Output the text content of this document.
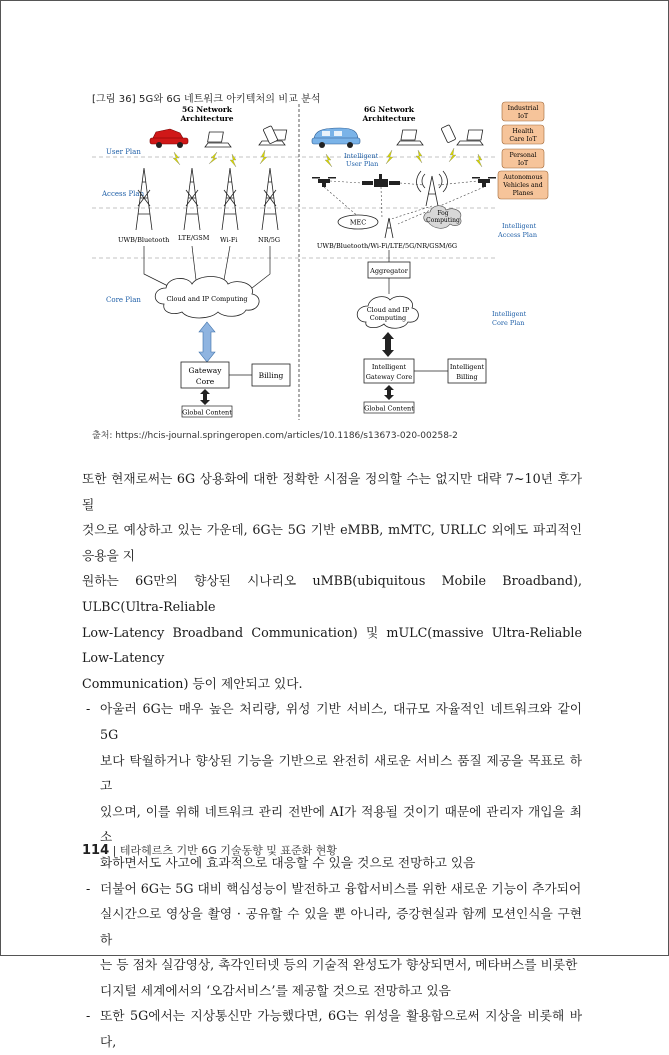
[그림 36] 5G와 6G 네트워크 아키텍처의 비교 분석
5G Network
Architecture
User Plan
Access Plan
Core Plan
UWB/Bluetooth LTE/GSM Wi-Fi	NR/5G
Cloud and IP Computing
Gateway
Core
Billing
Global Content
6G Network
Architecture
Intelligent
User Plan
MEC
Fog
Computing
UWB/Bluetooth/Wi-Fi/LTE/5G/NR/GSM/6G
Aggregator
Cloud and IP
Computing
Intelligent
Gateway Core
Intelligent
Billing
Global Content
Intelligent
Access Plan
Intelligent
Core Plan
Industrial
IoT
Health
Care IoT
Personal
IoT
Autonomous
Vehicles and
Planes
출처: https://hcis-journal.springeropen.com/articles/10.1186/s13673-020-00258-2
또한 현재로써는 6G 상용화에 대한 정확한 시점을 정의할 수는 없지만 대략 7~10년 후가 될
것으로 예상하고 있는 가운데, 6G는 5G 기반 eMBB, mMTC, URLLC 외에도 파괴적인 응용을 지
원하는 6G만의 향상된 시나리오 uMBB(ubiquitous Mobile Broadband), ULBC(Ultra-Reliable
Low-Latency Broadband Communication) 및 mULC(massive Ultra-Reliable Low-Latency
Communication) 등이 제안되고 있다.
- 아울러 6G는 매우 높은 처리량, 위성 기반 서비스, 대규모 자율적인 네트워크와 같이 5G
보다 탁월하거나 향상된 기능을 기반으로 완전히 새로운 서비스 품질 제공을 목표로 하고
있으며, 이를 위해 네트워크 관리 전반에 AI가 적용될 것이기 때문에 관리자 개입을 최소
화하면서도 사고에 효과적으로 대응할 수 있을 것으로 전망하고 있음
- 더불어 6G는 5G 대비 핵심성능이 발전하고 융합서비스를 위한 새로운 기능이 추가되어
실시간으로 영상을 촬영 · 공유할 수 있을 뿐 아니라, 증강현실과 함께 모션인식을 구현하
는 등 점차 실감영상, 촉각인터넷 등의 기술적 완성도가 향상되면서, 메타버스를 비롯한
디지털 세계에서의 ‘오감서비스’를 제공할 것으로 전망하고 있음
- 또한 5G에서는 지상통신만 가능했다면, 6G는 위성을 활용함으로써 지상을 비롯해 바다,
114 | 테라헤르츠 기반 6G 기술동향 및 표준화 현황
